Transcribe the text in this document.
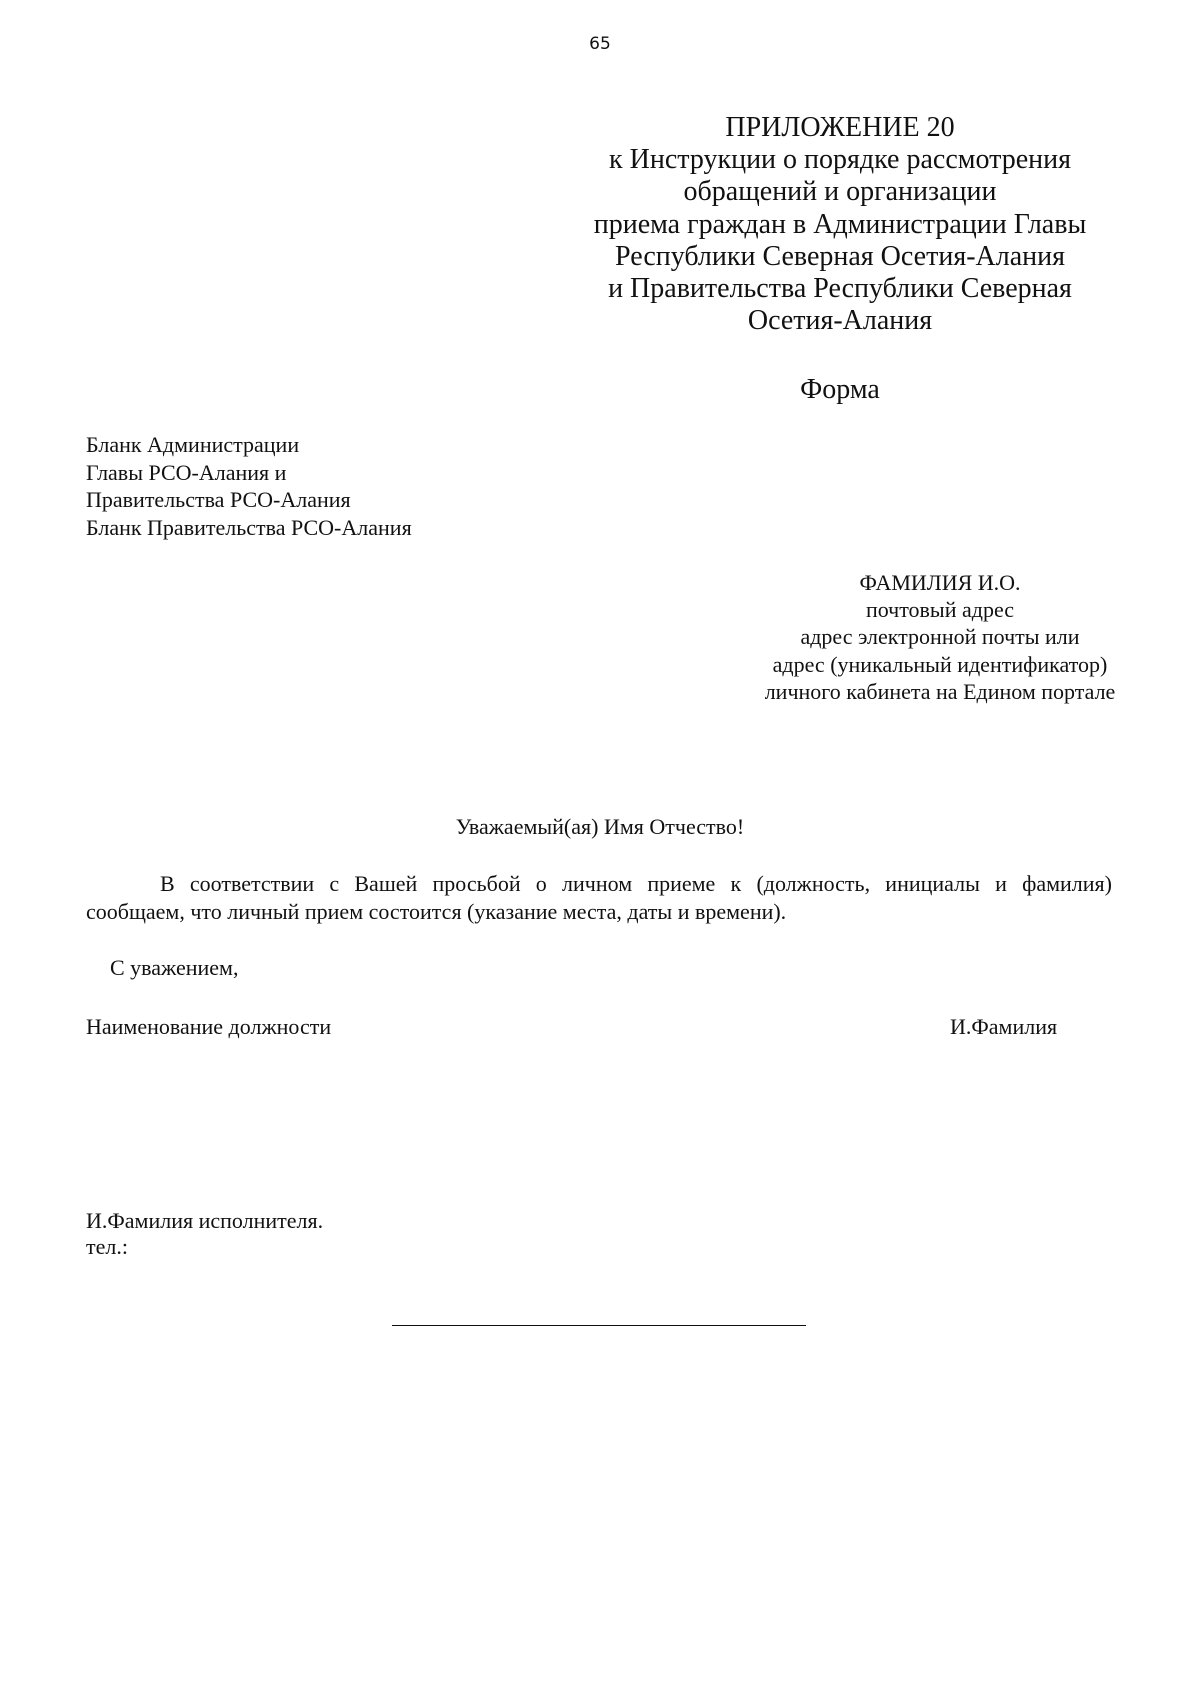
65
ПРИЛОЖЕНИЕ 20
к Инструкции о порядке рассмотрения
обращений и организации
приема граждан в Администрации Главы
Республики Северная Осетия-Алания
и Правительства Республики Северная
Осетия-Алания
Форма
Бланк Администрации
Главы РСО-Алания и
Правительства РСО-Алания
Бланк Правительства РСО-Алания
ФАМИЛИЯ И.О.
почтовый адрес
адрес электронной почты или
адрес (уникальный идентификатор)
личного кабинета на Едином портале
Уважаемый(ая) Имя Отчество!
В соответствии с Вашей просьбой о личном приеме к (должность, инициалы и фамилия)
сообщаем, что личный прием состоится (указание места, даты и времени).
С уважением,
Наименование должности	И.Фамилия
И.Фамилия исполнителя.
тел.:
